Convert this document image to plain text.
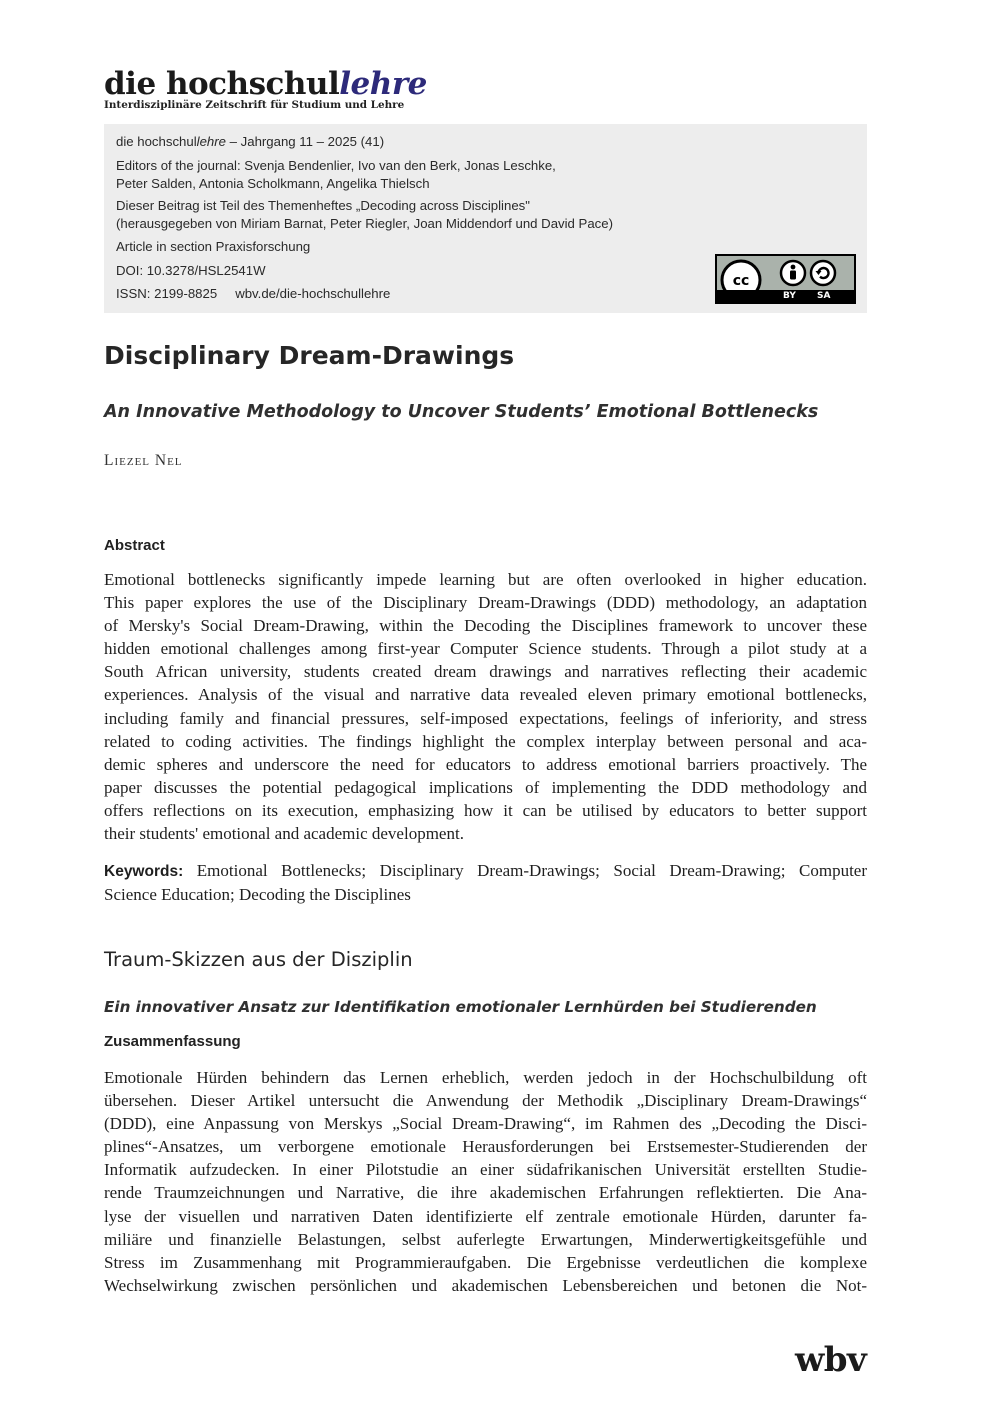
die hochschullehre
Interdisziplinäre Zeitschrift für Studium und Lehre
die hochschullehre – Jahrgang 11 – 2025 (41)
Editors of the journal: Svenja Bendenlier, Ivo van den Berk, Jonas Leschke,
Peter Salden, Antonia Scholkmann, Angelika Thielsch
Dieser Beitrag ist Teil des Themenheftes „Decoding across Disciplines"
(herausgegeben von Miriam Barnat, Peter Riegler, Joan Middendorf und David Pace)
Article in section Praxisforschung
DOI: 10.3278/HSL2541W
ISSN: 2199-8825 wbv.de/die-hochschullehre
cc
BY SA
Disciplinary Dream-Drawings
An Innovative Methodology to Uncover Students’ Emotional Bottlenecks
Liezel Nel
Abstract
Emotional bottlenecks significantly impede learning but are often overlooked in higher education.
This paper explores the use of the Disciplinary Dream-Drawings (DDD) methodology, an adaptation
of Mersky's Social Dream-Drawing, within the Decoding the Disciplines framework to uncover these
hidden emotional challenges among first-year Computer Science students. Through a pilot study at a
South African university, students created dream drawings and narratives reflecting their academic
experiences. Analysis of the visual and narrative data revealed eleven primary emotional bottlenecks,
including family and financial pressures, self-imposed expectations, feelings of inferiority, and stress
related to coding activities. The findings highlight the complex interplay between personal and aca-
demic spheres and underscore the need for educators to address emotional barriers proactively. The
paper discusses the potential pedagogical implications of implementing the DDD methodology and
offers reflections on its execution, emphasizing how it can be utilised by educators to better support
their students' emotional and academic development.
Keywords: Emotional Bottlenecks; Disciplinary Dream-Drawings; Social Dream-Drawing; Computer
Science Education; Decoding the Disciplines
Traum-Skizzen aus der Disziplin
Ein innovativer Ansatz zur Identifikation emotionaler Lernhürden bei Studierenden
Zusammenfassung
Emotionale Hürden behindern das Lernen erheblich, werden jedoch in der Hochschulbildung oft
übersehen. Dieser Artikel untersucht die Anwendung der Methodik „Disciplinary Dream-Drawings“
(DDD), eine Anpassung von Merskys „Social Dream-Drawing“, im Rahmen des „Decoding the Disci-
plines“-Ansatzes, um verborgene emotionale Herausforderungen bei Erstsemester-Studierenden der
Informatik aufzudecken. In einer Pilotstudie an einer südafrikanischen Universität erstellten Studie-
rende Traumzeichnungen und Narrative, die ihre akademischen Erfahrungen reflektierten. Die Ana-
lyse der visuellen und narrativen Daten identifizierte elf zentrale emotionale Hürden, darunter fa-
miliäre und finanzielle Belastungen, selbst auferlegte Erwartungen, Minderwertigkeitsgefühle und
Stress im Zusammenhang mit Programmieraufgaben. Die Ergebnisse verdeutlichen die komplexe
Wechselwirkung zwischen persönlichen und akademischen Lebensbereichen und betonen die Not-
wbv
